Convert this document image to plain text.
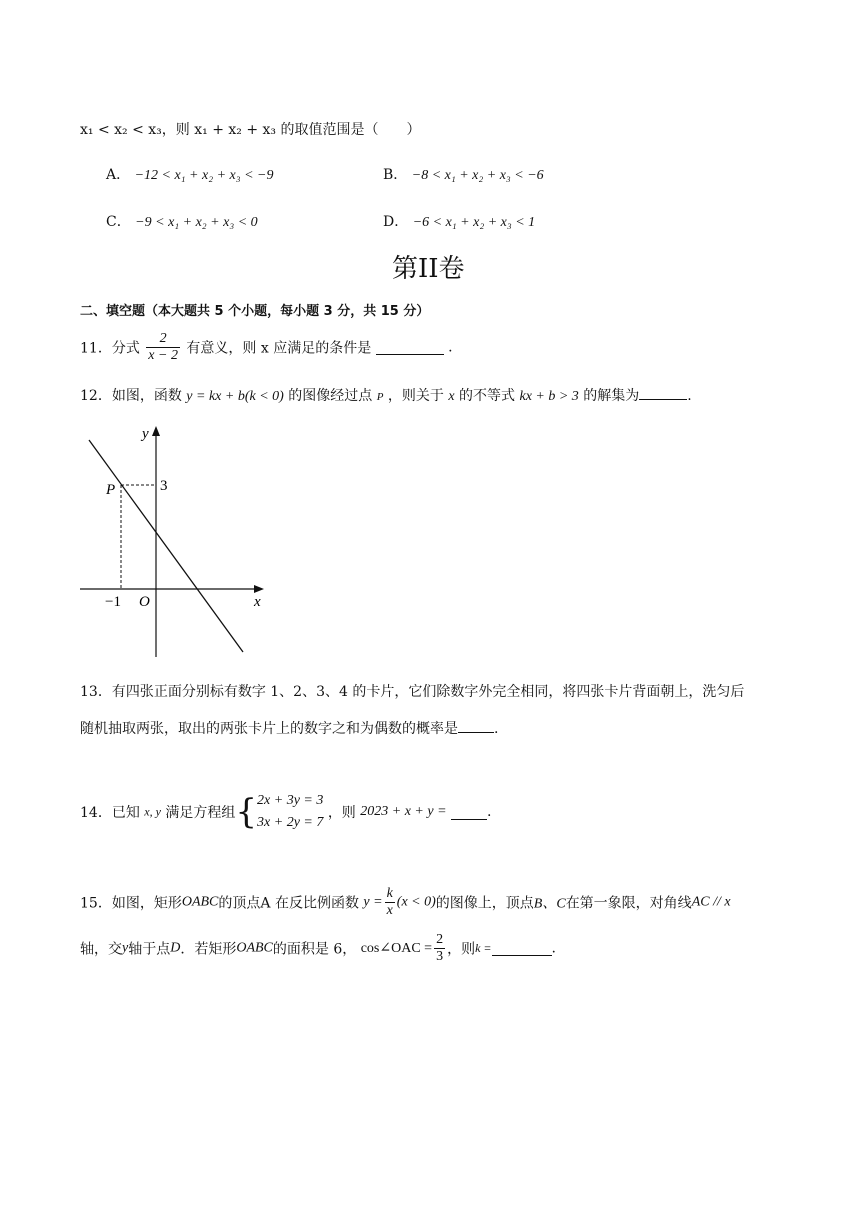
x₁ < x₂ < x₃，则 x₁ + x₂ + x₃ 的取值范围是（　　）
A． −12 < x₁ + x₂ + x₃ < −9	B． −8 < x₁ + x₂ + x₃ < −6
C． −9 < x₁ + x₂ + x₃ < 0	D． −6 < x₁ + x₂ + x₃ < 1
第II卷
二、填空题（本大题共 5 个小题，每小题 3 分，共 15 分）
11．分式 $\frac{2}{x - 2}$ 有意义，则 x 应满足的条件是	.
12．如图，函数 y = kx + b(k < 0) 的图像经过点 P ，则关于 x 的不等式 kx + b > 3 的解集为	.
y
x
P	3
−1 O
13．有四张正面分别标有数字 1、2、3、4 的卡片，它们除数字外完全相同，将四张卡片背面朝上，洗匀后
随机抽取两张，取出的两张卡片上的数字之和为偶数的概率是	.
14．已知 x, y 满足方程组{ 2x + 3y = 3
3x + 2y = 7
，则 2023 + x + y =	.
15．如图，矩形OABC的顶点A 在反比例函数 $y = \frac{k}{x} (x < 0)$的图像上，顶点B、C在第一象限，对角线AC // x
轴，交y轴于点D．若矩形OABC的面积是 6， cos∠OAC = $\frac{2}{3}$ ，则k =	.
